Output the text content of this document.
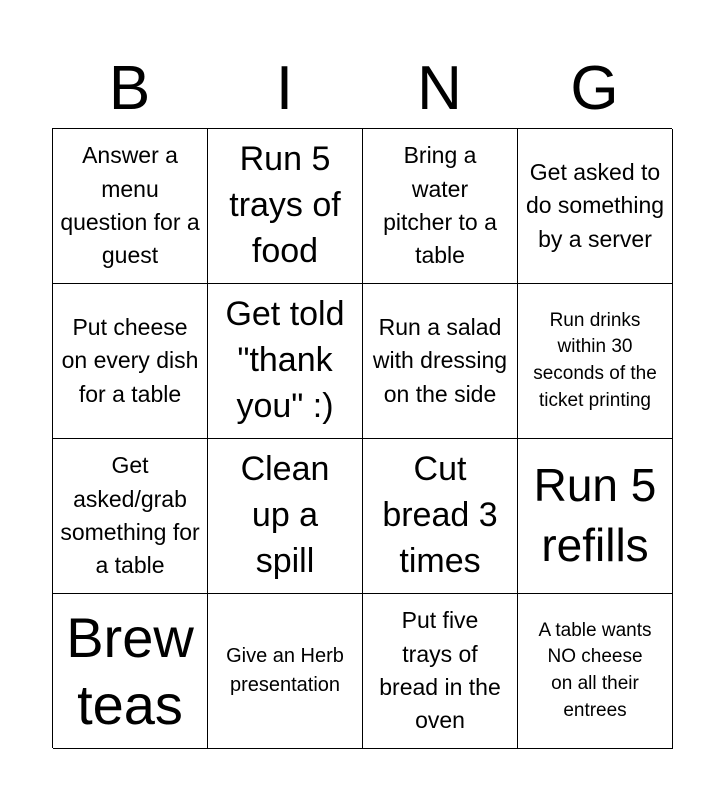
B	I	N	G
Answer a menu question for a guest
Run 5 trays of food
Bring a water pitcher to a table
Get asked to do something by a server
Put cheese on every dish for a table
Get told "thank you" :)
Run a salad with dressing on the side
Run drinks within 30 seconds of the ticket printing
Get asked/grab something for a table
Clean up a spill
Cut bread 3 times
Run 5 refills
Brew teas
Give an Herb presentation
Put five trays of bread in the oven
A table wants NO cheese on all their entrees
